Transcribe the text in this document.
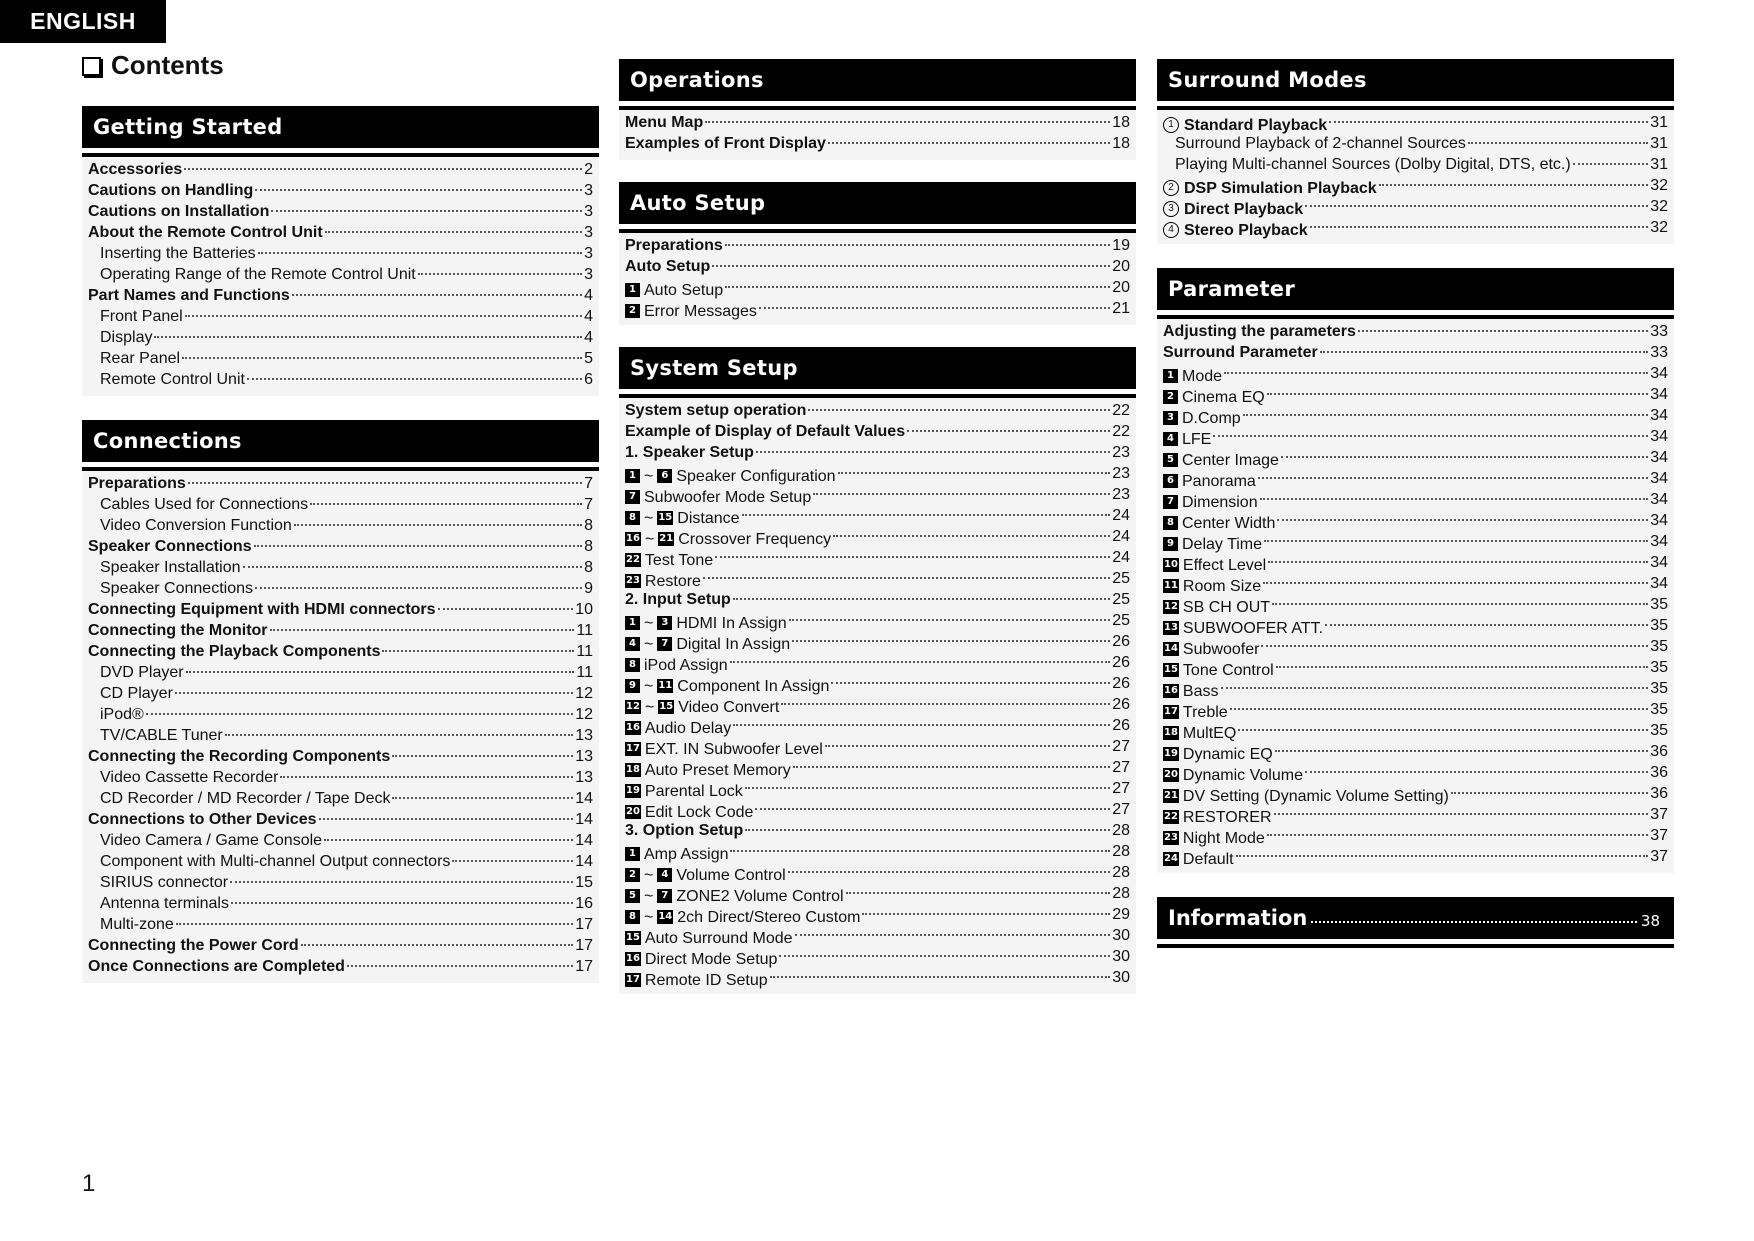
ENGLISH
Contents
Getting Started
Accessories	2
Cautions on Handling	3
Cautions on Installation	3
About the Remote Control Unit	3
Inserting the Batteries	3
Operating Range of the Remote Control Unit	3
Part Names and Functions	4
Front Panel	4
Display	4
Rear Panel	5
Remote Control Unit	6
Connections
Preparations	7
Cables Used for Connections	7
Video Conversion Function	8
Speaker Connections	8
Speaker Installation	8
Speaker Connections	9
Connecting Equipment with HDMI connectors	10
Connecting the Monitor	11
Connecting the Playback Components	11
DVD Player	11
CD Player	12
iPod®	12
TV/CABLE Tuner	13
Connecting the Recording Components	13
Video Cassette Recorder	13
CD Recorder / MD Recorder / Tape Deck	14
Connections to Other Devices	14
Video Camera / Game Console	14
Component with Multi-channel Output connectors	14
SIRIUS connector	15
Antenna terminals	16
Multi-zone	17
Connecting the Power Cord	17
Once Connections are Completed	17
Operations
Menu Map	18
Examples of Front Display	18
Auto Setup
Preparations	19
Auto Setup	20
1 Auto Setup	20
2 Error Messages	21
System Setup
System setup operation	22
Example of Display of Default Values	22
1. Speaker Setup	23
1 ~ 6 Speaker Configuration	23
7 Subwoofer Mode Setup	23
8 ~ 15 Distance	24
16 ~ 21 Crossover Frequency	24
22 Test Tone	24
23 Restore	25
2. Input Setup	25
1 ~ 3 HDMI In Assign	25
4 ~ 7 Digital In Assign	26
8 iPod Assign	26
9 ~ 11 Component In Assign	26
12 ~ 15 Video Convert	26
16 Audio Delay	26
17 EXT. IN Subwoofer Level	27
18 Auto Preset Memory	27
19 Parental Lock	27
20 Edit Lock Code	27
3. Option Setup	28
1 Amp Assign	28
2 ~ 4 Volume Control	28
5 ~ 7 ZONE2 Volume Control	28
8 ~ 14 2ch Direct/Stereo Custom	29
15 Auto Surround Mode	30
16 Direct Mode Setup	30
17 Remote ID Setup	30
Surround Modes
1 Standard Playback	31
Surround Playback of 2-channel Sources	31
Playing Multi-channel Sources (Dolby Digital, DTS, etc.)	31
2 DSP Simulation Playback	32
3 Direct Playback	32
4 Stereo Playback	32
Parameter
Adjusting the parameters	33
Surround Parameter	33
1 Mode	34
2 Cinema EQ	34
3 D.Comp	34
4 LFE	34
5 Center Image	34
6 Panorama	34
7 Dimension	34
8 Center Width	34
9 Delay Time	34
10 Effect Level	34
11 Room Size	34
12 SB CH OUT	35
13 SUBWOOFER ATT.	35
14 Subwoofer	35
15 Tone Control	35
16 Bass	35
17 Treble	35
18 MultEQ	35
19 Dynamic EQ	36
20 Dynamic Volume	36
21 DV Setting (Dynamic Volume Setting)	36
22 RESTORER	37
23 Night Mode	37
24 Default	37
Information	38
1
